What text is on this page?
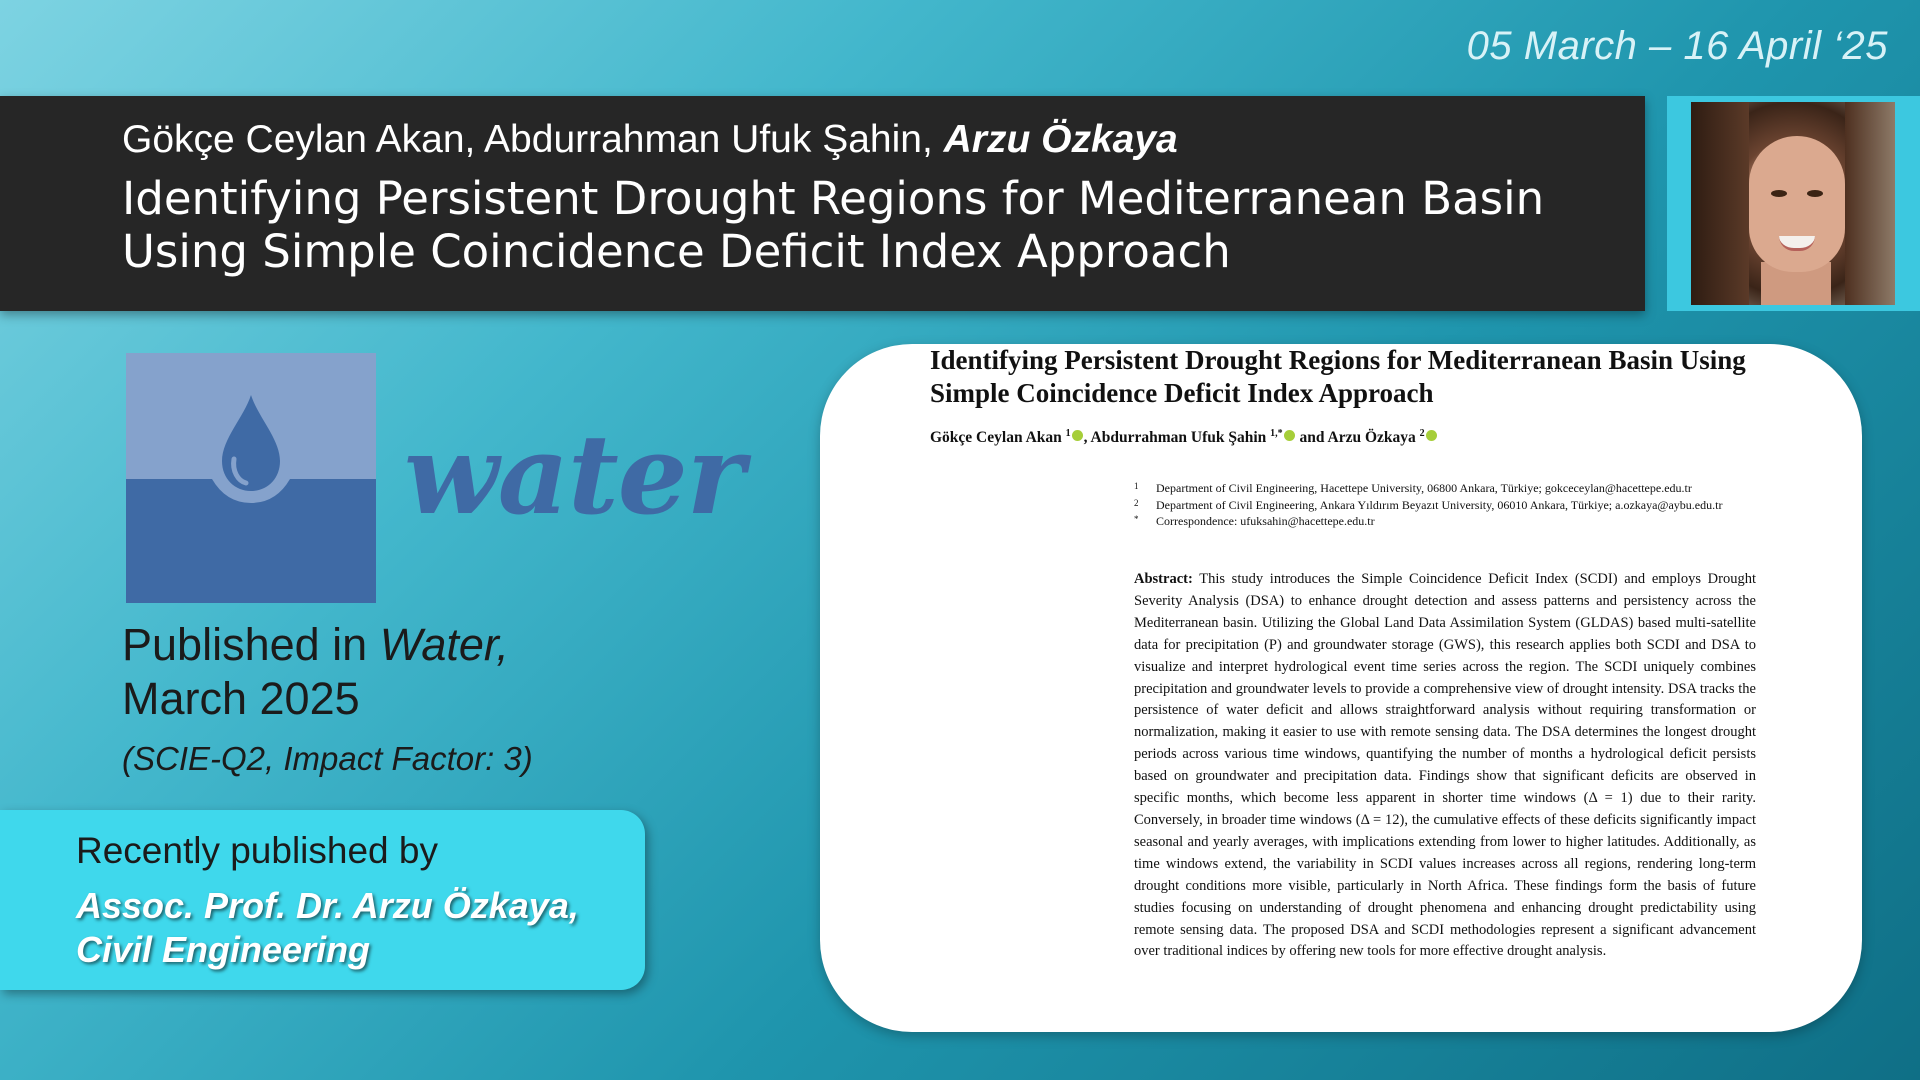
05 March – 16 April ‘25
Gökçe Ceylan Akan, Abdurrahman Ufuk Şahin, Arzu Özkaya
Identifying Persistent Drought Regions for Mediterranean Basin Using Simple Coincidence Deficit Index Approach
water
Published in Water,
March 2025
(SCIE-Q2, Impact Factor: 3)
Recently published by
Assoc. Prof. Dr. Arzu Özkaya,
Civil Engineering
Identifying Persistent Drought Regions for Mediterranean Basin Using Simple Coincidence Deficit Index Approach
Gökçe Ceylan Akan $^1$ , Abdurrahman Ufuk Şahin $^{1,*}$ and Arzu Özkaya $^2$
1 Department of Civil Engineering, Hacettepe University, 06800 Ankara, Türkiye; gokceceylan@hacettepe.edu.tr
2 Department of Civil Engineering, Ankara Yıldırım Beyazıt University, 06010 Ankara, Türkiye; a.ozkaya@aybu.edu.tr
* Correspondence: ufuksahin@hacettepe.edu.tr
Abstract: This study introduces the Simple Coincidence Deficit Index (SCDI) and employs Drought Severity Analysis (DSA) to enhance drought detection and assess patterns and persistency across the Mediterranean basin. Utilizing the Global Land Data Assimilation System (GLDAS) based multi-satellite data for precipitation (P) and groundwater storage (GWS), this research applies both SCDI and DSA to visualize and interpret hydrological event time series across the region. The SCDI uniquely combines precipitation and groundwater levels to provide a comprehensive view of drought intensity. DSA tracks the persistence of water deficit and allows straightforward analysis without requiring transformation or normalization, making it easier to use with remote sensing data. The DSA determines the longest drought periods across various time windows, quantifying the number of months a hydrological deficit persists based on groundwater and precipitation data. Findings show that significant deficits are observed in specific months, which become less apparent in shorter time windows (Δ = 1) due to their rarity. Conversely, in broader time windows (Δ = 12), the cumulative effects of these deficits significantly impact seasonal and yearly averages, with implications extending from lower to higher latitudes. Additionally, as time windows extend, the variability in SCDI values increases across all regions, rendering long-term drought conditions more visible, particularly in North Africa. These findings form the basis of future studies focusing on understanding of drought phenomena and enhancing drought predictability using remote sensing data. The proposed DSA and SCDI methodologies represent a significant advancement over traditional indices by offering new tools for more effective drought analysis.
